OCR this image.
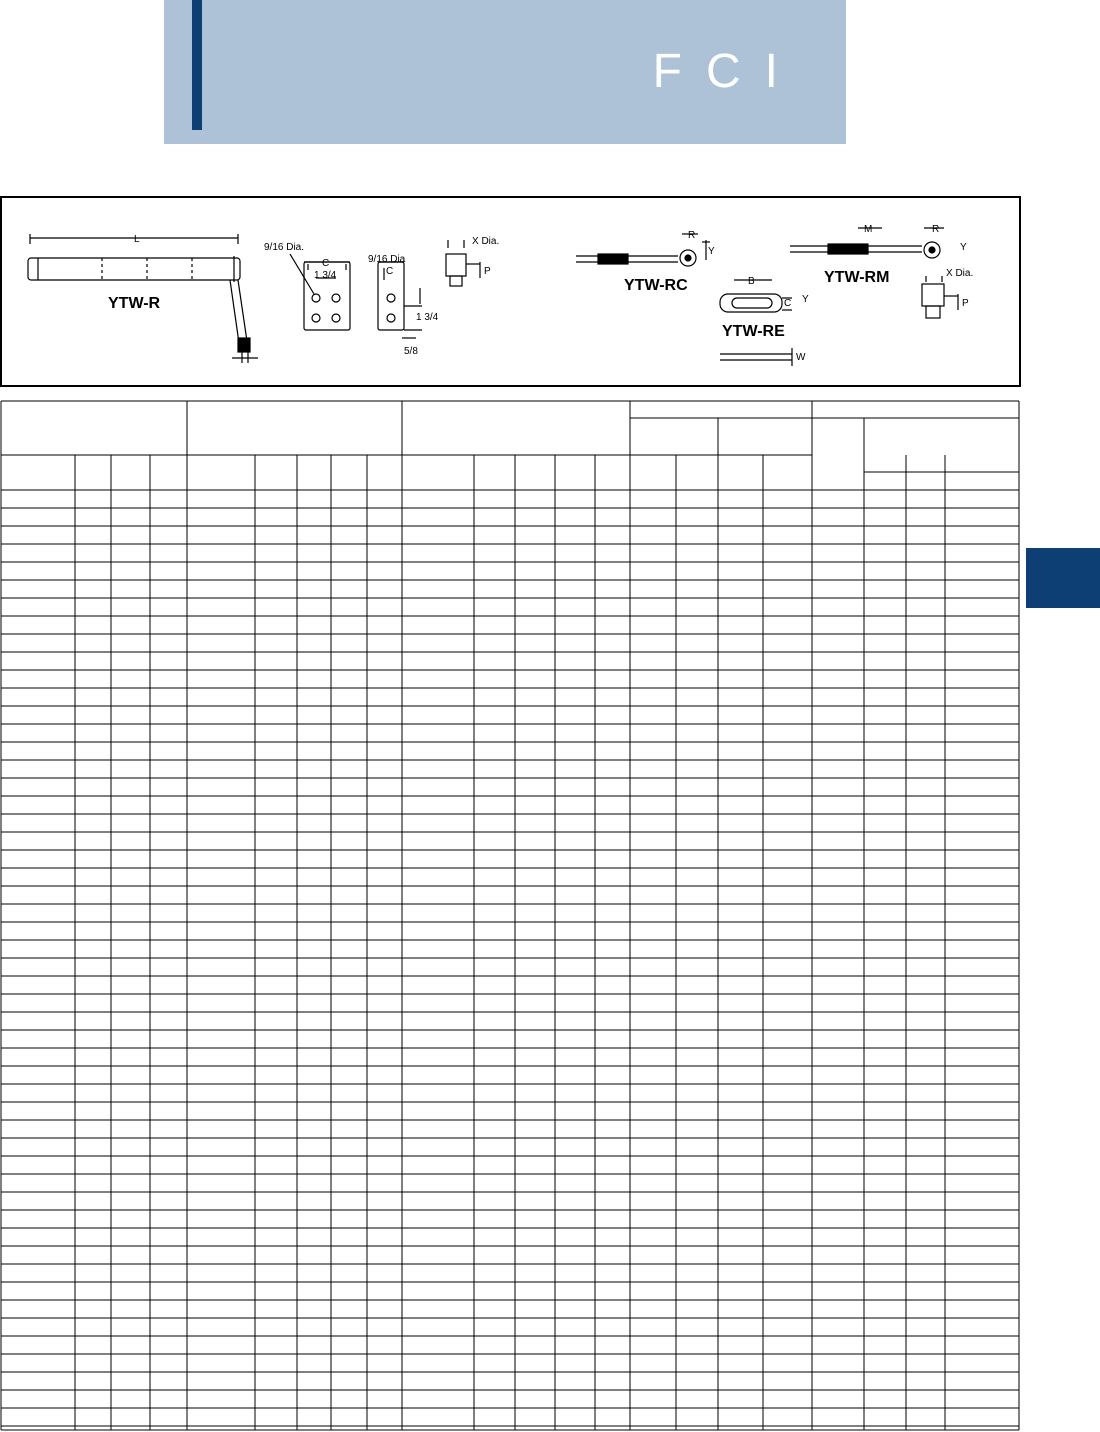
FCI
YTW-R
L
9/16 Dia.
C
1 3/4
9/16 Dia
C
1 3/4
5/8
X Dia.
P
YTW-RC
R
Y
YTW-RE
B
C Y
W
YTW-RM
M	R
Y
X Dia.
P
